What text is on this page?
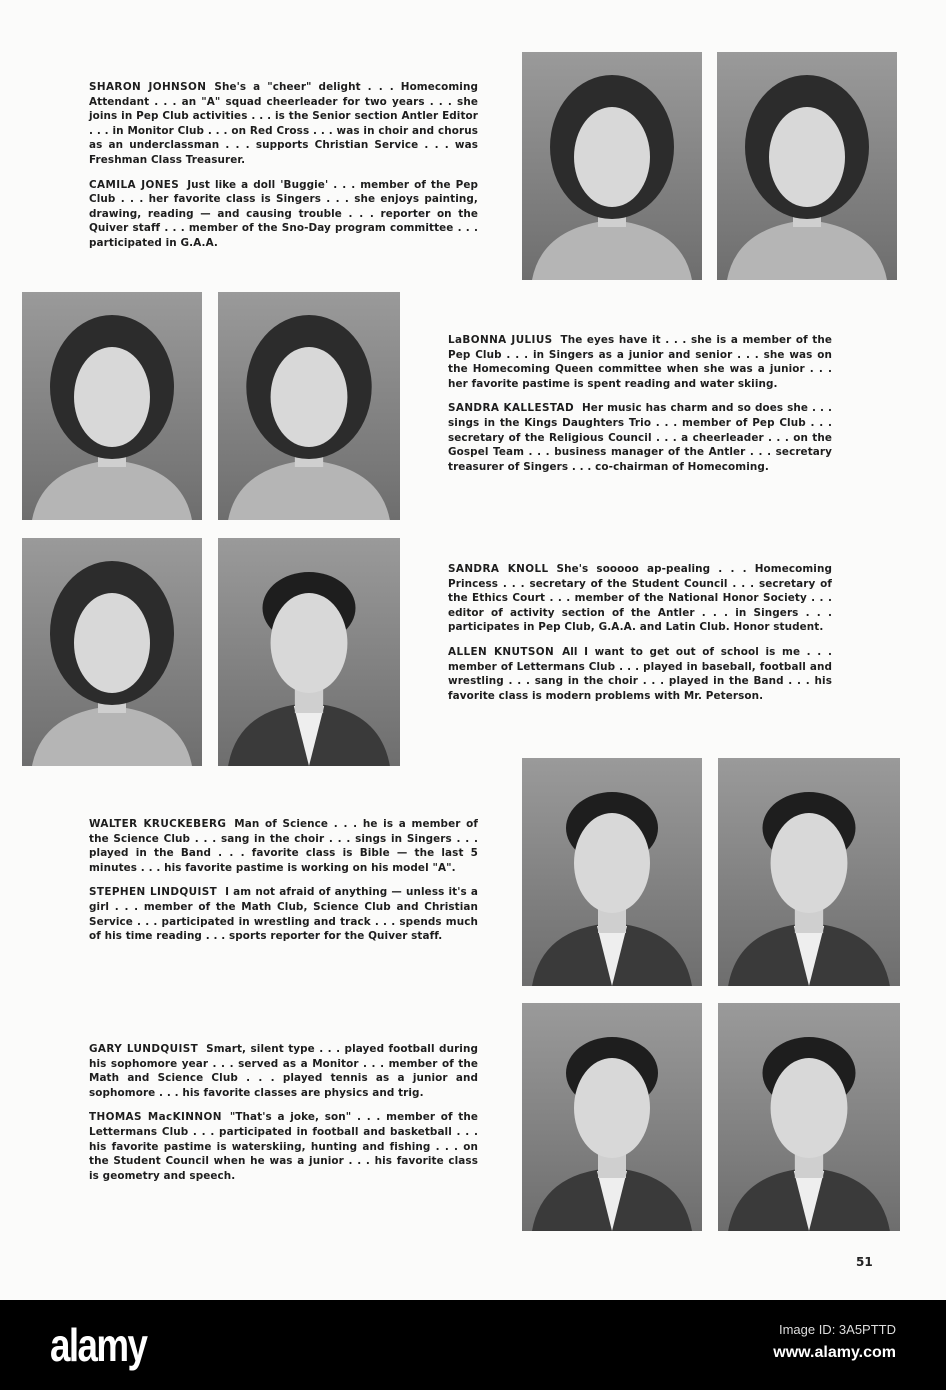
SHARON JOHNSON She's a "cheer" delight . . . Homecoming Attendant . . . an "A" squad cheerleader for two years . . . she joins in Pep Club activities . . . is the Senior section Antler Editor . . . in Monitor Club . . . on Red Cross . . . was in choir and chorus as an underclassman . . . supports Christian Service . . . was Freshman Class Treasurer.

CAMILA JONES Just like a doll 'Buggie' . . . member of the Pep Club . . . her favorite class is Singers . . . she enjoys painting, drawing, reading — and causing trouble . . . reporter on the Quiver staff . . . member of the Sno-Day program committee . . . participated in G.A.A.

LaBONNA JULIUS The eyes have it . . . she is a member of the Pep Club . . . in Singers as a junior and senior . . . she was on the Homecoming Queen committee when she was a junior . . . her favorite pastime is spent reading and water skiing.

SANDRA KALLESTAD Her music has charm and so does she . . . sings in the Kings Daughters Trio . . . member of Pep Club . . . secretary of the Religious Council . . . a cheerleader . . . on the Gospel Team . . . business manager of the Antler . . . secretary treasurer of Singers . . . co-chairman of Homecoming.

SANDRA KNOLL She's sooooo ap-pealing . . . Homecoming Princess . . . secretary of the Student Council . . . secretary of the Ethics Court . . . member of the National Honor Society . . . editor of activity section of the Antler . . . in Singers . . . participates in Pep Club, G.A.A. and Latin Club. Honor student.

ALLEN KNUTSON All I want to get out of school is me . . . member of Lettermans Club . . . played in baseball, football and wrestling . . . sang in the choir . . . played in the Band . . . his favorite class is modern problems with Mr. Peterson.

WALTER KRUCKEBERG Man of Science . . . he is a member of the Science Club . . . sang in the choir . . . sings in Singers . . . played in the Band . . . favorite class is Bible — the last 5 minutes . . . his favorite pastime is working on his model "A".

STEPHEN LINDQUIST I am not afraid of anything — unless it's a girl . . . member of the Math Club, Science Club and Christian Service . . . participated in wrestling and track . . . spends much of his time reading . . . sports reporter for the Quiver staff.

GARY LUNDQUIST Smart, silent type . . . played football during his sophomore year . . . served as a Monitor . . . member of the Math and Science Club . . . played tennis as a junior and sophomore . . . his favorite classes are physics and trig.

THOMAS MacKINNON "That's a joke, son" . . . member of the Lettermans Club . . . participated in football and basketball . . . his favorite pastime is waterskiing, hunting and fishing . . . on the Student Council when he was a junior . . . his favorite class is geometry and speech.

51
alamy	Image ID: 3A5PTTD
www.alamy.com
